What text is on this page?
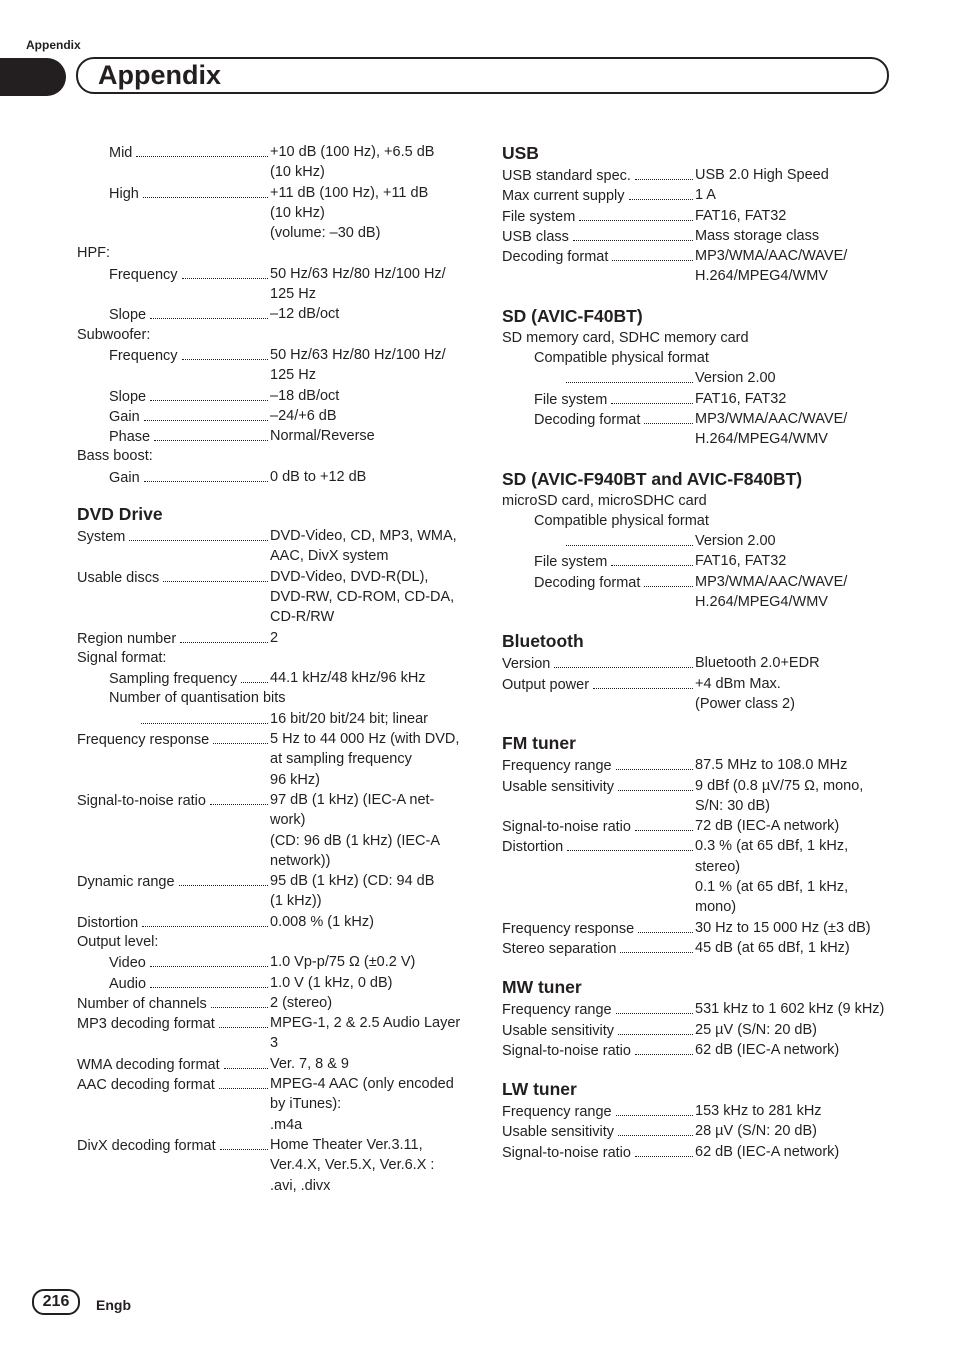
Appendix
Appendix
Mid	+10 dB (100 Hz), +6.5 dB
(10 kHz)
High	+11 dB (100 Hz), +11 dB
(10 kHz)
(volume: –30 dB)
HPF:
Frequency	50 Hz/63 Hz/80 Hz/100 Hz/
125 Hz
Slope	–12 dB/oct
Subwoofer:
Frequency	50 Hz/63 Hz/80 Hz/100 Hz/
125 Hz
Slope	–18 dB/oct
Gain	–24/+6 dB
Phase	Normal/Reverse
Bass boost:
Gain	0 dB to +12 dB
DVD Drive
System	DVD-Video, CD, MP3, WMA,
AAC, DivX system
Usable discs	DVD-Video, DVD-R(DL),
DVD-RW, CD-ROM, CD-DA,
CD-R/RW
Region number	2
Signal format:
Sampling frequency 44.1 kHz/48 kHz/96 kHz
Number of quantisation bits
16 bit/20 bit/24 bit; linear
Frequency response	5 Hz to 44 000 Hz (with DVD,
at sampling frequency
96 kHz)
Signal-to-noise ratio	97 dB (1 kHz) (IEC-A net-
work)
(CD: 96 dB (1 kHz) (IEC-A
network))
Dynamic range	95 dB (1 kHz) (CD: 94 dB
(1 kHz))
Distortion	0.008 % (1 kHz)
Output level:
Video	1.0 Vp-p/75 Ω (±0.2 V)
Audio	1.0 V (1 kHz, 0 dB)
Number of channels	2 (stereo)
MP3 decoding format	MPEG-1, 2 & 2.5 Audio Layer
3
WMA decoding format	Ver. 7, 8 & 9
AAC decoding format	MPEG-4 AAC (only encoded
by iTunes):
.m4a
DivX decoding format	Home Theater Ver.3.11,
Ver.4.X, Ver.5.X, Ver.6.X :
.avi, .divx
USB
USB standard spec.	USB 2.0 High Speed
Max current supply	1 A
File system	FAT16, FAT32
USB class	Mass storage class
Decoding format	MP3/WMA/AAC/WAVE/
H.264/MPEG4/WMV
SD (AVIC-F40BT)
SD memory card, SDHC memory card
Compatible physical format
Version 2.00
File system	FAT16, FAT32
Decoding format	MP3/WMA/AAC/WAVE/
H.264/MPEG4/WMV
SD (AVIC-F940BT and AVIC-F840BT)
microSD card, microSDHC card
Compatible physical format
Version 2.00
File system	FAT16, FAT32
Decoding format	MP3/WMA/AAC/WAVE/
H.264/MPEG4/WMV
Bluetooth
Version	Bluetooth 2.0+EDR
Output power	+4 dBm Max.
(Power class 2)
FM tuner
Frequency range	87.5 MHz to 108.0 MHz
Usable sensitivity	9 dBf (0.8 µV/75 Ω, mono,
S/N: 30 dB)
Signal-to-noise ratio	72 dB (IEC-A network)
Distortion	0.3 % (at 65 dBf, 1 kHz,
stereo)
0.1 % (at 65 dBf, 1 kHz,
mono)
Frequency response	30 Hz to 15 000 Hz (±3 dB)
Stereo separation	45 dB (at 65 dBf, 1 kHz)
MW tuner
Frequency range	531 kHz to 1 602 kHz (9 kHz)
Usable sensitivity	25 µV (S/N: 20 dB)
Signal-to-noise ratio	62 dB (IEC-A network)
LW tuner
Frequency range	153 kHz to 281 kHz
Usable sensitivity	28 µV (S/N: 20 dB)
Signal-to-noise ratio	62 dB (IEC-A network)
216	Engb
